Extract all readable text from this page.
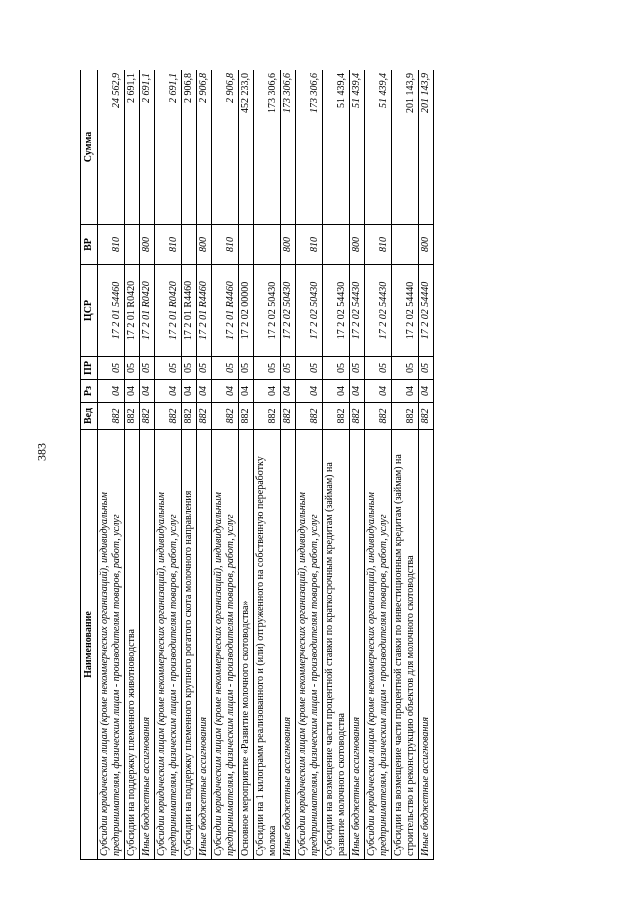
383
Наименование	Вед	Рз	ПР	ЦСР	ВР	Сумма
Субсидии юридическим лицам (кроме некоммерческих организаций), индивидуальным предпринимателям, физическим лицам - производителям товаров, работ, услуг	882	04	05	17 2 01 54460	810	24 562,9
Субсидии на поддержку племенного животноводства	882	04	05	17 2 01 R0420		2 691,1
Иные бюджетные ассигнования	882	04	05	17 2 01 R0420	800	2 691,1
Субсидии юридическим лицам (кроме некоммерческих организаций), индивидуальным предпринимателям, физическим лицам - производителям товаров, работ, услуг	882	04	05	17 2 01 R0420	810	2 691,1
Субсидии на поддержку племенного крупного рогатого скота молочного направления	882	04	05	17 2 01 R4460		2 906,8
Иные бюджетные ассигнования	882	04	05	17 2 01 R4460	800	2 906,8
Субсидии юридическим лицам (кроме некоммерческих организаций), индивидуальным предпринимателям, физическим лицам - производителям товаров, работ, услуг	882	04	05	17 2 01 R4460	810	2 906,8
Основное мероприятие «Развитие молочного скотоводства»	882	04	05	17 2 02 00000		452 233,0
Субсидии на 1 килограмм реализованного и (или) отгруженного на собственную переработку молока	882	04	05	17 2 02 50430		173 306,6
Иные бюджетные ассигнования	882	04	05	17 2 02 50430	800	173 306,6
Субсидии юридическим лицам (кроме некоммерческих организаций), индивидуальным предпринимателям, физическим лицам - производителям товаров, работ, услуг	882	04	05	17 2 02 50430	810	173 306,6
Субсидии на возмещение части процентной ставки по краткосрочным кредитам (займам) на развитие молочного скотоводства	882	04	05	17 2 02 54430		51 439,4
Иные бюджетные ассигнования	882	04	05	17 2 02 54430	800	51 439,4
Субсидии юридическим лицам (кроме некоммерческих организаций), индивидуальным предпринимателям, физическим лицам - производителям товаров, работ, услуг	882	04	05	17 2 02 54430	810	51 439,4
Субсидии на возмещение части процентной ставки по инвестиционным кредитам (займам) на строительство и реконструкцию объектов для молочного скотоводства	882	04	05	17 2 02 54440		201 143,9
Иные бюджетные ассигнования	882	04	05	17 2 02 54440	800	201 143,9
